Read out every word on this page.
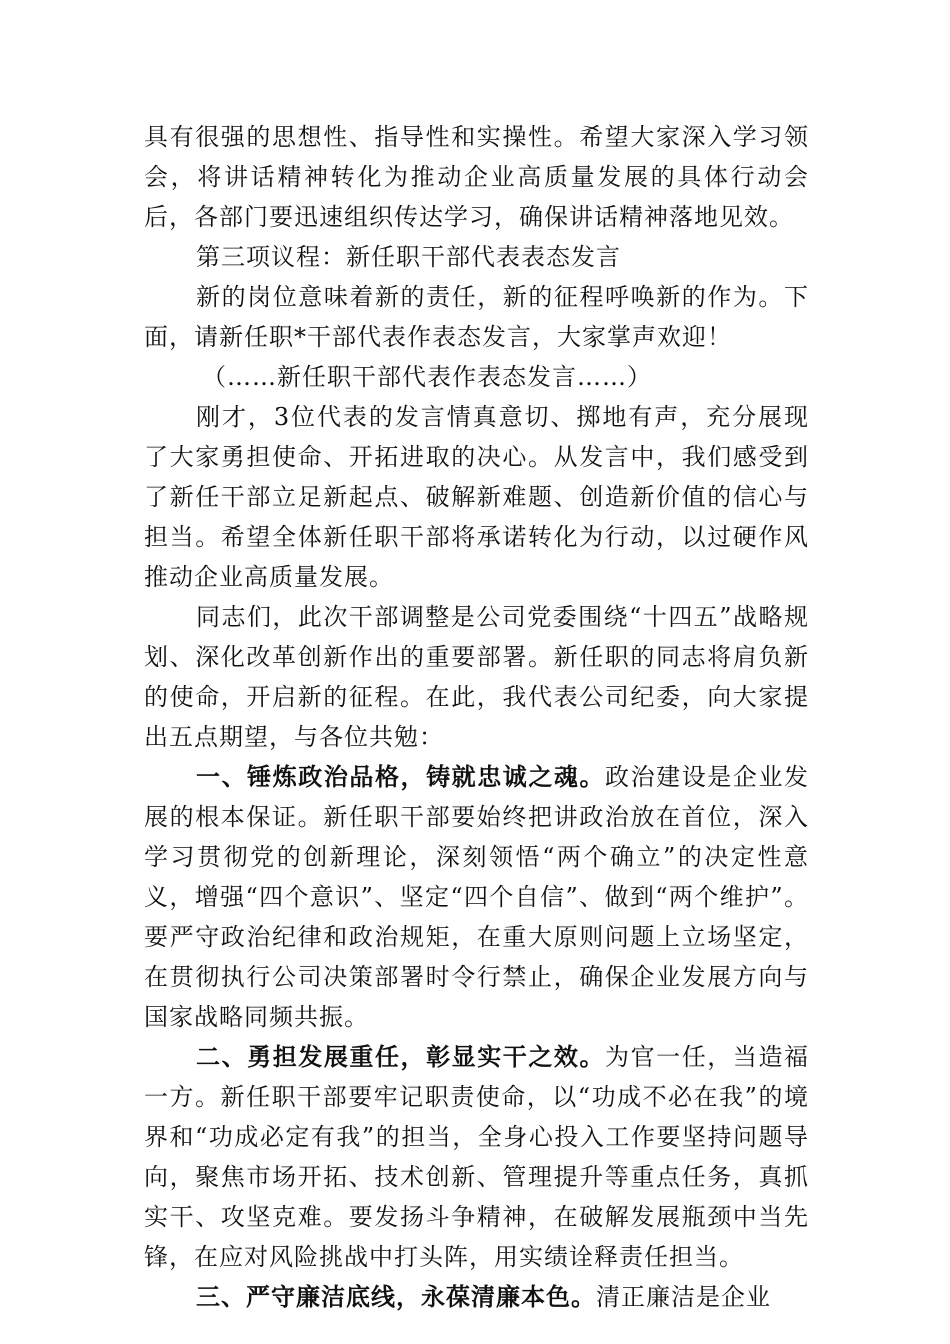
具有很强的思想性、指导性和实操性。希望大家深入学习领会，将讲话精神转化为推动企业高质量发展的具体行动会后，各部门要迅速组织传达学习，确保讲话精神落地见效。

第三项议程：新任职干部代表表态发言

新的岗位意味着新的责任，新的征程呼唤新的作为。下面，请新任职*干部代表作表态发言，大家掌声欢迎！

（……新任职干部代表作表态发言……）

刚才，3位代表的发言情真意切、掷地有声，充分展现了大家勇担使命、开拓进取的决心。从发言中，我们感受到了新任干部立足新起点、破解新难题、创造新价值的信心与担当。希望全体新任职干部将承诺转化为行动，以过硬作风推动企业高质量发展。

同志们，此次干部调整是公司党委围绕“十四五”战略规划、深化改革创新作出的重要部署。新任职的同志将肩负新的使命，开启新的征程。在此，我代表公司纪委，向大家提出五点期望，与各位共勉：

一、锤炼政治品格，铸就忠诚之魂。政治建设是企业发展的根本保证。新任职干部要始终把讲政治放在首位，深入学习贯彻党的创新理论，深刻领悟“两个确立”的决定性意义，增强“四个意识”、坚定“四个自信”、做到“两个维护”。要严守政治纪律和政治规矩，在重大原则问题上立场坚定，在贯彻执行公司决策部署时令行禁止，确保企业发展方向与国家战略同频共振。

二、勇担发展重任，彰显实干之效。为官一任，当造福一方。新任职干部要牢记职责使命，以“功成不必在我”的境界和“功成必定有我”的担当，全身心投入工作要坚持问题导向，聚焦市场开拓、技术创新、管理提升等重点任务，真抓实干、攻坚克难。要发扬斗争精神，在破解发展瓶颈中当先锋，在应对风险挑战中打头阵，用实绩诠释责任担当。

三、严守廉洁底线，永葆清廉本色。清正廉洁是企业
